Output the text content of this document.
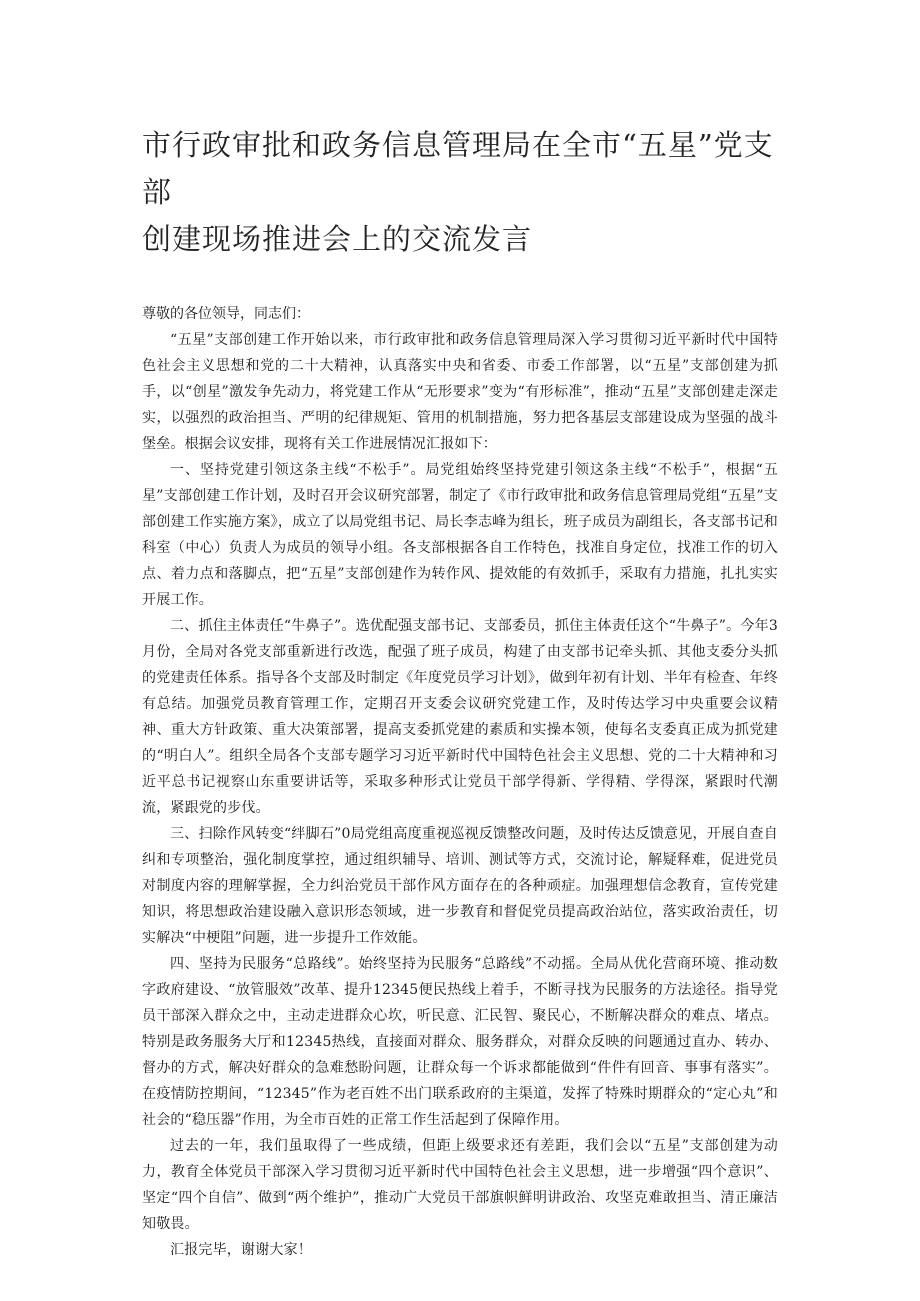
市行政审批和政务信息管理局在全市“五星”党支部
创建现场推进会上的交流发言

尊敬的各位领导，同志们：

“五星”支部创建工作开始以来，市行政审批和政务信息管理局深入学习贯彻习近平新时代中国特色社会主义思想和党的二十大精神，认真落实中央和省委、市委工作部署，以“五星”支部创建为抓手，以“创星”激发争先动力，将党建工作从“无形要求”变为“有形标准”，推动“五星”支部创建走深走实，以强烈的政治担当、严明的纪律规矩、管用的机制措施，努力把各基层支部建设成为坚强的战斗堡垒。根据会议安排，现将有关工作进展情况汇报如下：

一、坚持党建引领这条主线“不松手”。局党组始终坚持党建引领这条主线“不松手”，根据“五星”支部创建工作计划，及时召开会议研究部署，制定了《市行政审批和政务信息管理局党组“五星”支部创建工作实施方案》，成立了以局党组书记、局长李志峰为组长，班子成员为副组长，各支部书记和科室（中心）负责人为成员的领导小组。各支部根据各自工作特色，找准自身定位，找准工作的切入点、着力点和落脚点，把“五星”支部创建作为转作风、提效能的有效抓手，采取有力措施，扎扎实实开展工作。

二、抓住主体责任“牛鼻子”。选优配强支部书记、支部委员，抓住主体责任这个“牛鼻子”。今年3月份，全局对各党支部重新进行改选，配强了班子成员，构建了由支部书记牵头抓、其他支委分头抓的党建责任体系。指导各个支部及时制定《年度党员学习计划》，做到年初有计划、半年有检查、年终有总结。加强党员教育管理工作，定期召开支委会议研究党建工作，及时传达学习中央重要会议精神、重大方针政策、重大决策部署，提高支委抓党建的素质和实操本领，使每名支委真正成为抓党建的“明白人”。组织全局各个支部专题学习习近平新时代中国特色社会主义思想、党的二十大精神和习近平总书记视察山东重要讲话等，采取多种形式让党员干部学得新、学得精、学得深，紧跟时代潮流，紧跟党的步伐。

三、扫除作风转变“绊脚石”0局党组高度重视巡视反馈整改问题，及时传达反馈意见，开展自查自纠和专项整治，强化制度掌控，通过组织辅导、培训、测试等方式，交流讨论，解疑释难，促进党员对制度内容的理解掌握，全力纠治党员干部作风方面存在的各种顽症。加强理想信念教育，宣传党建知识，将思想政治建设融入意识形态领域，进一步教育和督促党员提高政治站位，落实政治责任，切实解决“中梗阻”问题，进一步提升工作效能。

四、坚持为民服务“总路线”。始终坚持为民服务“总路线”不动摇。全局从优化营商环境、推动数字政府建设、“放管服效”改革、提升12345便民热线上着手，不断寻找为民服务的方法途径。指导党员干部深入群众之中，主动走进群众心坎，听民意、汇民智、聚民心，不断解决群众的难点、堵点。特别是政务服务大厅和12345热线，直接面对群众、服务群众，对群众反映的问题通过直办、转办、督办的方式，解决好群众的急难愁盼问题，让群众每一个诉求都能做到“件件有回音、事事有落实”。在疫情防控期间，“12345”作为老百姓不出门联系政府的主渠道，发挥了特殊时期群众的“定心丸”和社会的“稳压器”作用，为全市百姓的正常工作生活起到了保障作用。

过去的一年，我们虽取得了一些成绩，但距上级要求还有差距，我们会以“五星”支部创建为动力，教育全体党员干部深入学习贯彻习近平新时代中国特色社会主义思想，进一步增强“四个意识”、坚定“四个自信”、做到“两个维护”，推动广大党员干部旗帜鲜明讲政治、攻坚克难敢担当、清正廉洁知敬畏。

汇报完毕，谢谢大家！
